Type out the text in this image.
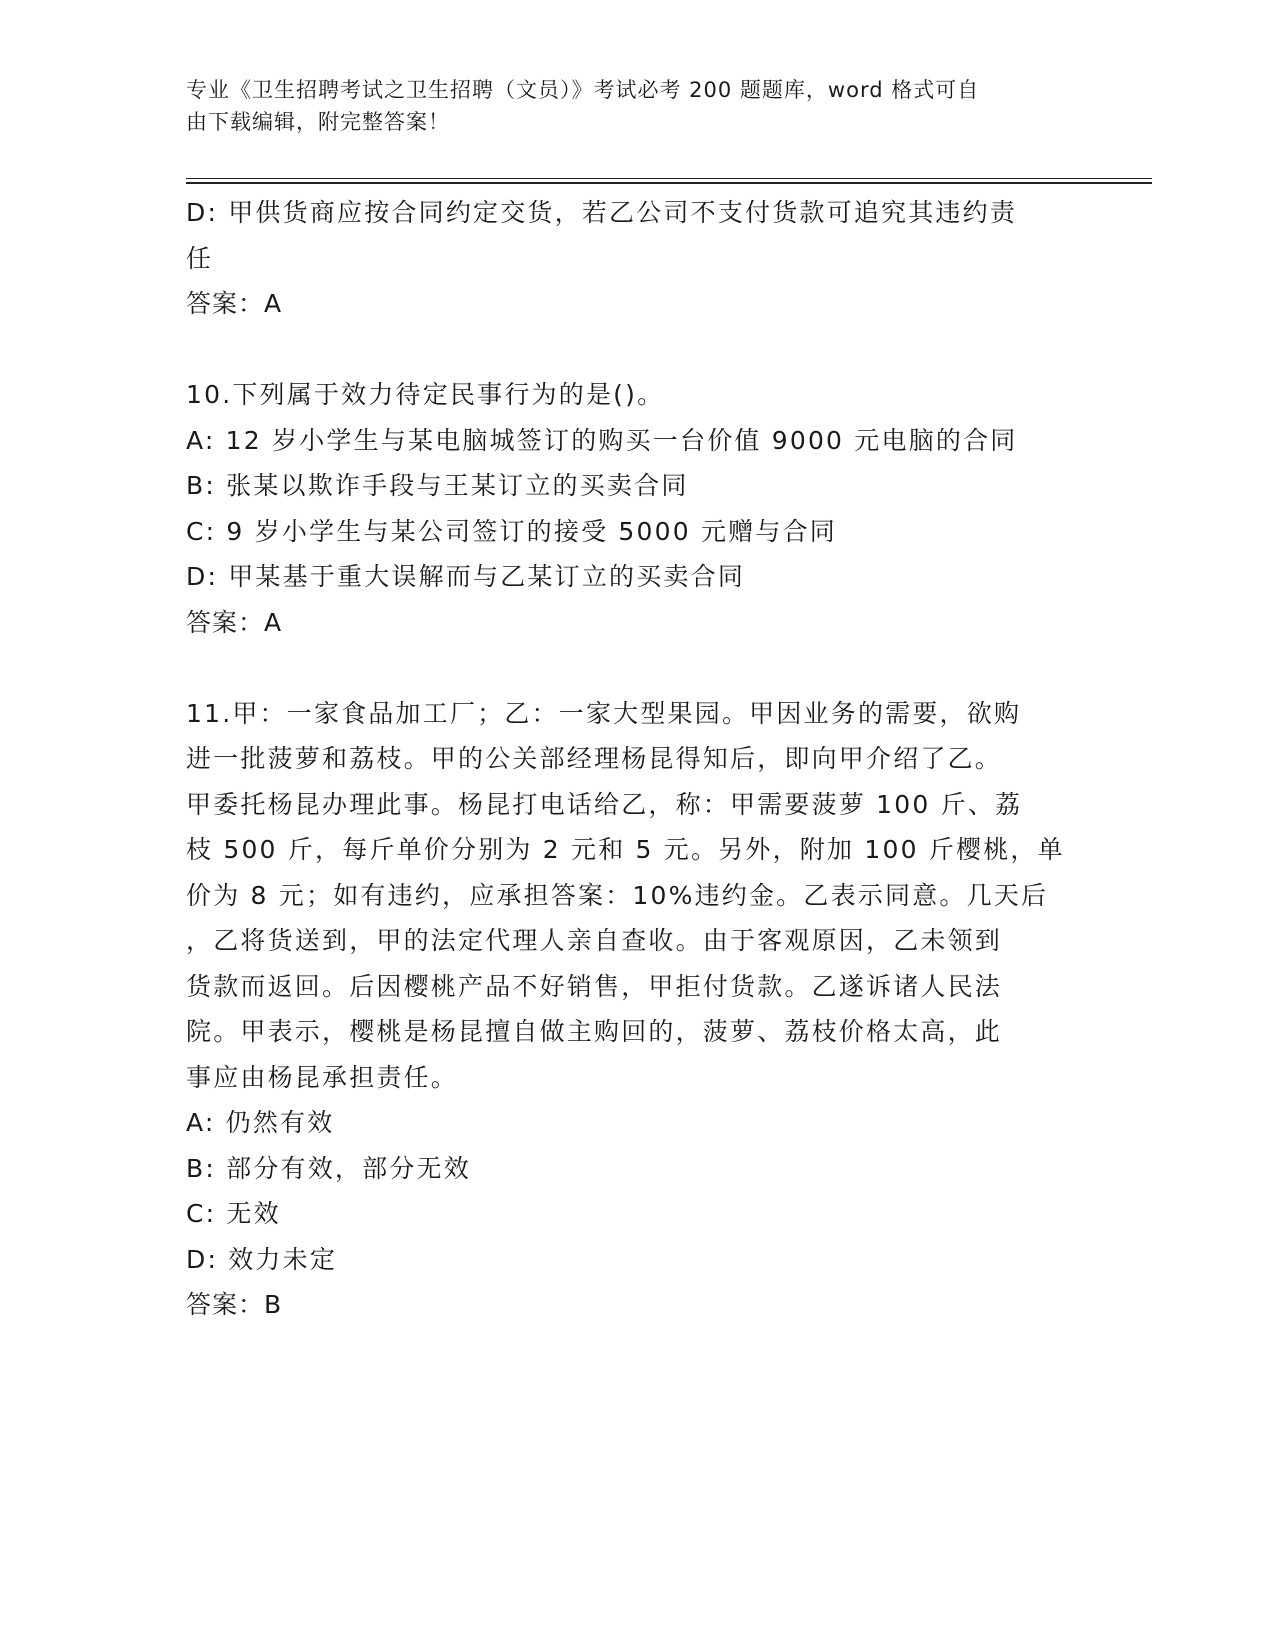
专业《卫生招聘考试之卫生招聘（文员）》考试必考 200 题题库，word 格式可自
由下载编辑，附完整答案！
D: 甲供货商应按合同约定交货，若乙公司不支付货款可追究其违约责
任
答案：A
10.下列属于效力待定民事行为的是()。
A: 12 岁小学生与某电脑城签订的购买一台价值 9000 元电脑的合同
B: 张某以欺诈手段与王某订立的买卖合同
C: 9 岁小学生与某公司签订的接受 5000 元赠与合同
D: 甲某基于重大误解而与乙某订立的买卖合同
答案：A
11.甲：一家食品加工厂；乙：一家大型果园。甲因业务的需要，欲购
进一批菠萝和荔枝。甲的公关部经理杨昆得知后，即向甲介绍了乙。
甲委托杨昆办理此事。杨昆打电话给乙，称：甲需要菠萝 100 斤、荔
枝 500 斤，每斤单价分别为 2 元和 5 元。另外，附加 100 斤樱桃，单
价为 8 元；如有违约，应承担答案：10%违约金。乙表示同意。几天后
，乙将货送到，甲的法定代理人亲自查收。由于客观原因，乙未领到
货款而返回。后因樱桃产品不好销售，甲拒付货款。乙遂诉诸人民法
院。甲表示，樱桃是杨昆擅自做主购回的，菠萝、荔枝价格太高，此
事应由杨昆承担责任。
A: 仍然有效
B: 部分有效，部分无效
C: 无效
D: 效力未定
答案：B
